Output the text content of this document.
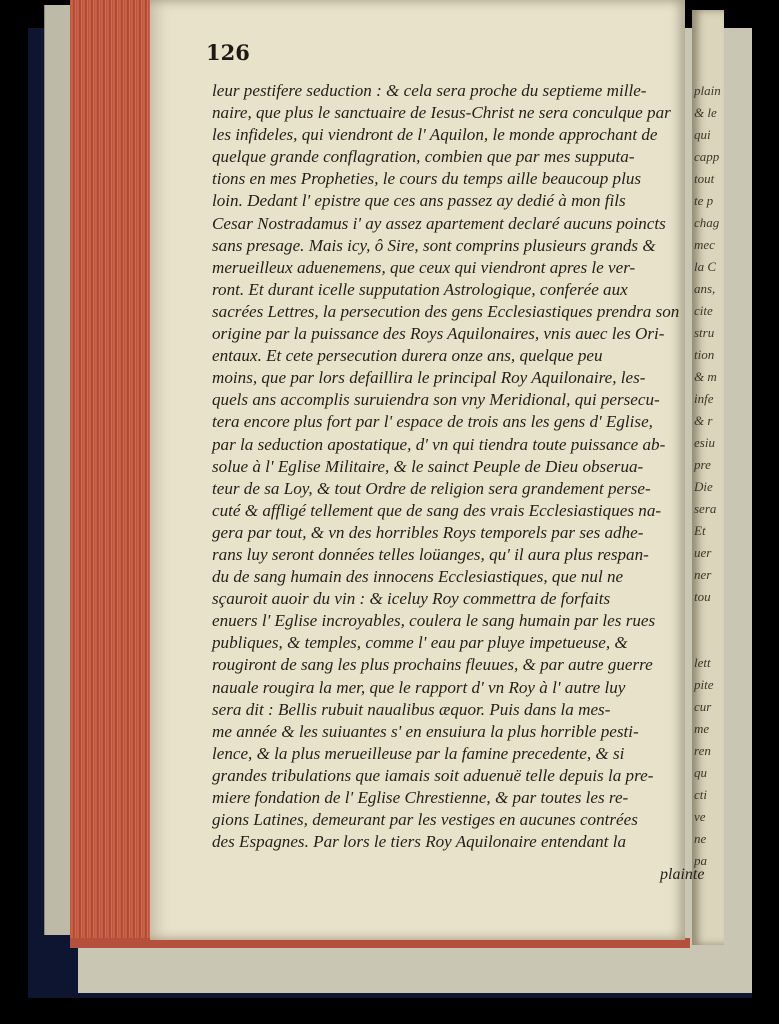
plain
& le
qui
capp
tout
te p
chag
mec
la C
ans,
cite
stru
tion
& m
infe
& r
esiu
pre
Die
sera
Et
uer
ner
tou

lett
pite
cur
me
ren
qu
cti
ve
ne
pa
126
leur pestifere seduction : & cela sera proche du septieme mille-
naire, que plus le sanctuaire de Iesus-Christ ne sera conculque par
les infideles, qui viendront de l' Aquilon, le monde approchant de
quelque grande conflagration, combien que par mes supputa-
tions en mes Propheties, le cours du temps aille beaucoup plus
loin. Dedant l' epistre que ces ans passez ay dedié à mon fils
Cesar Nostradamus i' ay assez apartement declaré aucuns poincts
sans presage. Mais icy, ô Sire, sont comprins plusieurs grands &
merueilleux aduenemens, que ceux qui viendront apres le ver-
ront. Et durant icelle supputation Astrologique, conferée aux
sacrées Lettres, la persecution des gens Ecclesiastiques prendra son
origine par la puissance des Roys Aquilonaires, vnis auec les Ori-
entaux. Et cete persecution durera onze ans, quelque peu
moins, que par lors defaillira le principal Roy Aquilonaire, les-
quels ans accomplis suruiendra son vny Meridional, qui persecu-
tera encore plus fort par l' espace de trois ans les gens d' Eglise,
par la seduction apostatique, d' vn qui tiendra toute puissance ab-
solue à l' Eglise Militaire, & le sainct Peuple de Dieu obserua-
teur de sa Loy, & tout Ordre de religion sera grandement perse-
cuté & affligé tellement que de sang des vrais Ecclesiastiques na-
gera par tout, & vn des horribles Roys temporels par ses adhe-
rans luy seront données telles loüanges, qu' il aura plus respan-
du de sang humain des innocens Ecclesiastiques, que nul ne
sçauroit auoir du vin : & iceluy Roy commettra de forfaits
enuers l' Eglise incroyables, coulera le sang humain par les rues
publiques, & temples, comme l' eau par pluye impetueuse, &
rougiront de sang les plus prochains fleuues, & par autre guerre
nauale rougira la mer, que le rapport d' vn Roy à l' autre luy
sera dit : Bellis rubuit naualibus æquor. Puis dans la mes-
me année & les suiuantes s' en ensuiura la plus horrible pesti-
lence, & la plus merueilleuse par la famine precedente, & si
grandes tribulations que iamais soit aduenuë telle depuis la pre-
miere fondation de l' Eglise Chrestienne, & par toutes les re-
gions Latines, demeurant par les vestiges en aucunes contrées
des Espagnes. Par lors le tiers Roy Aquilonaire entendant la
plainte
